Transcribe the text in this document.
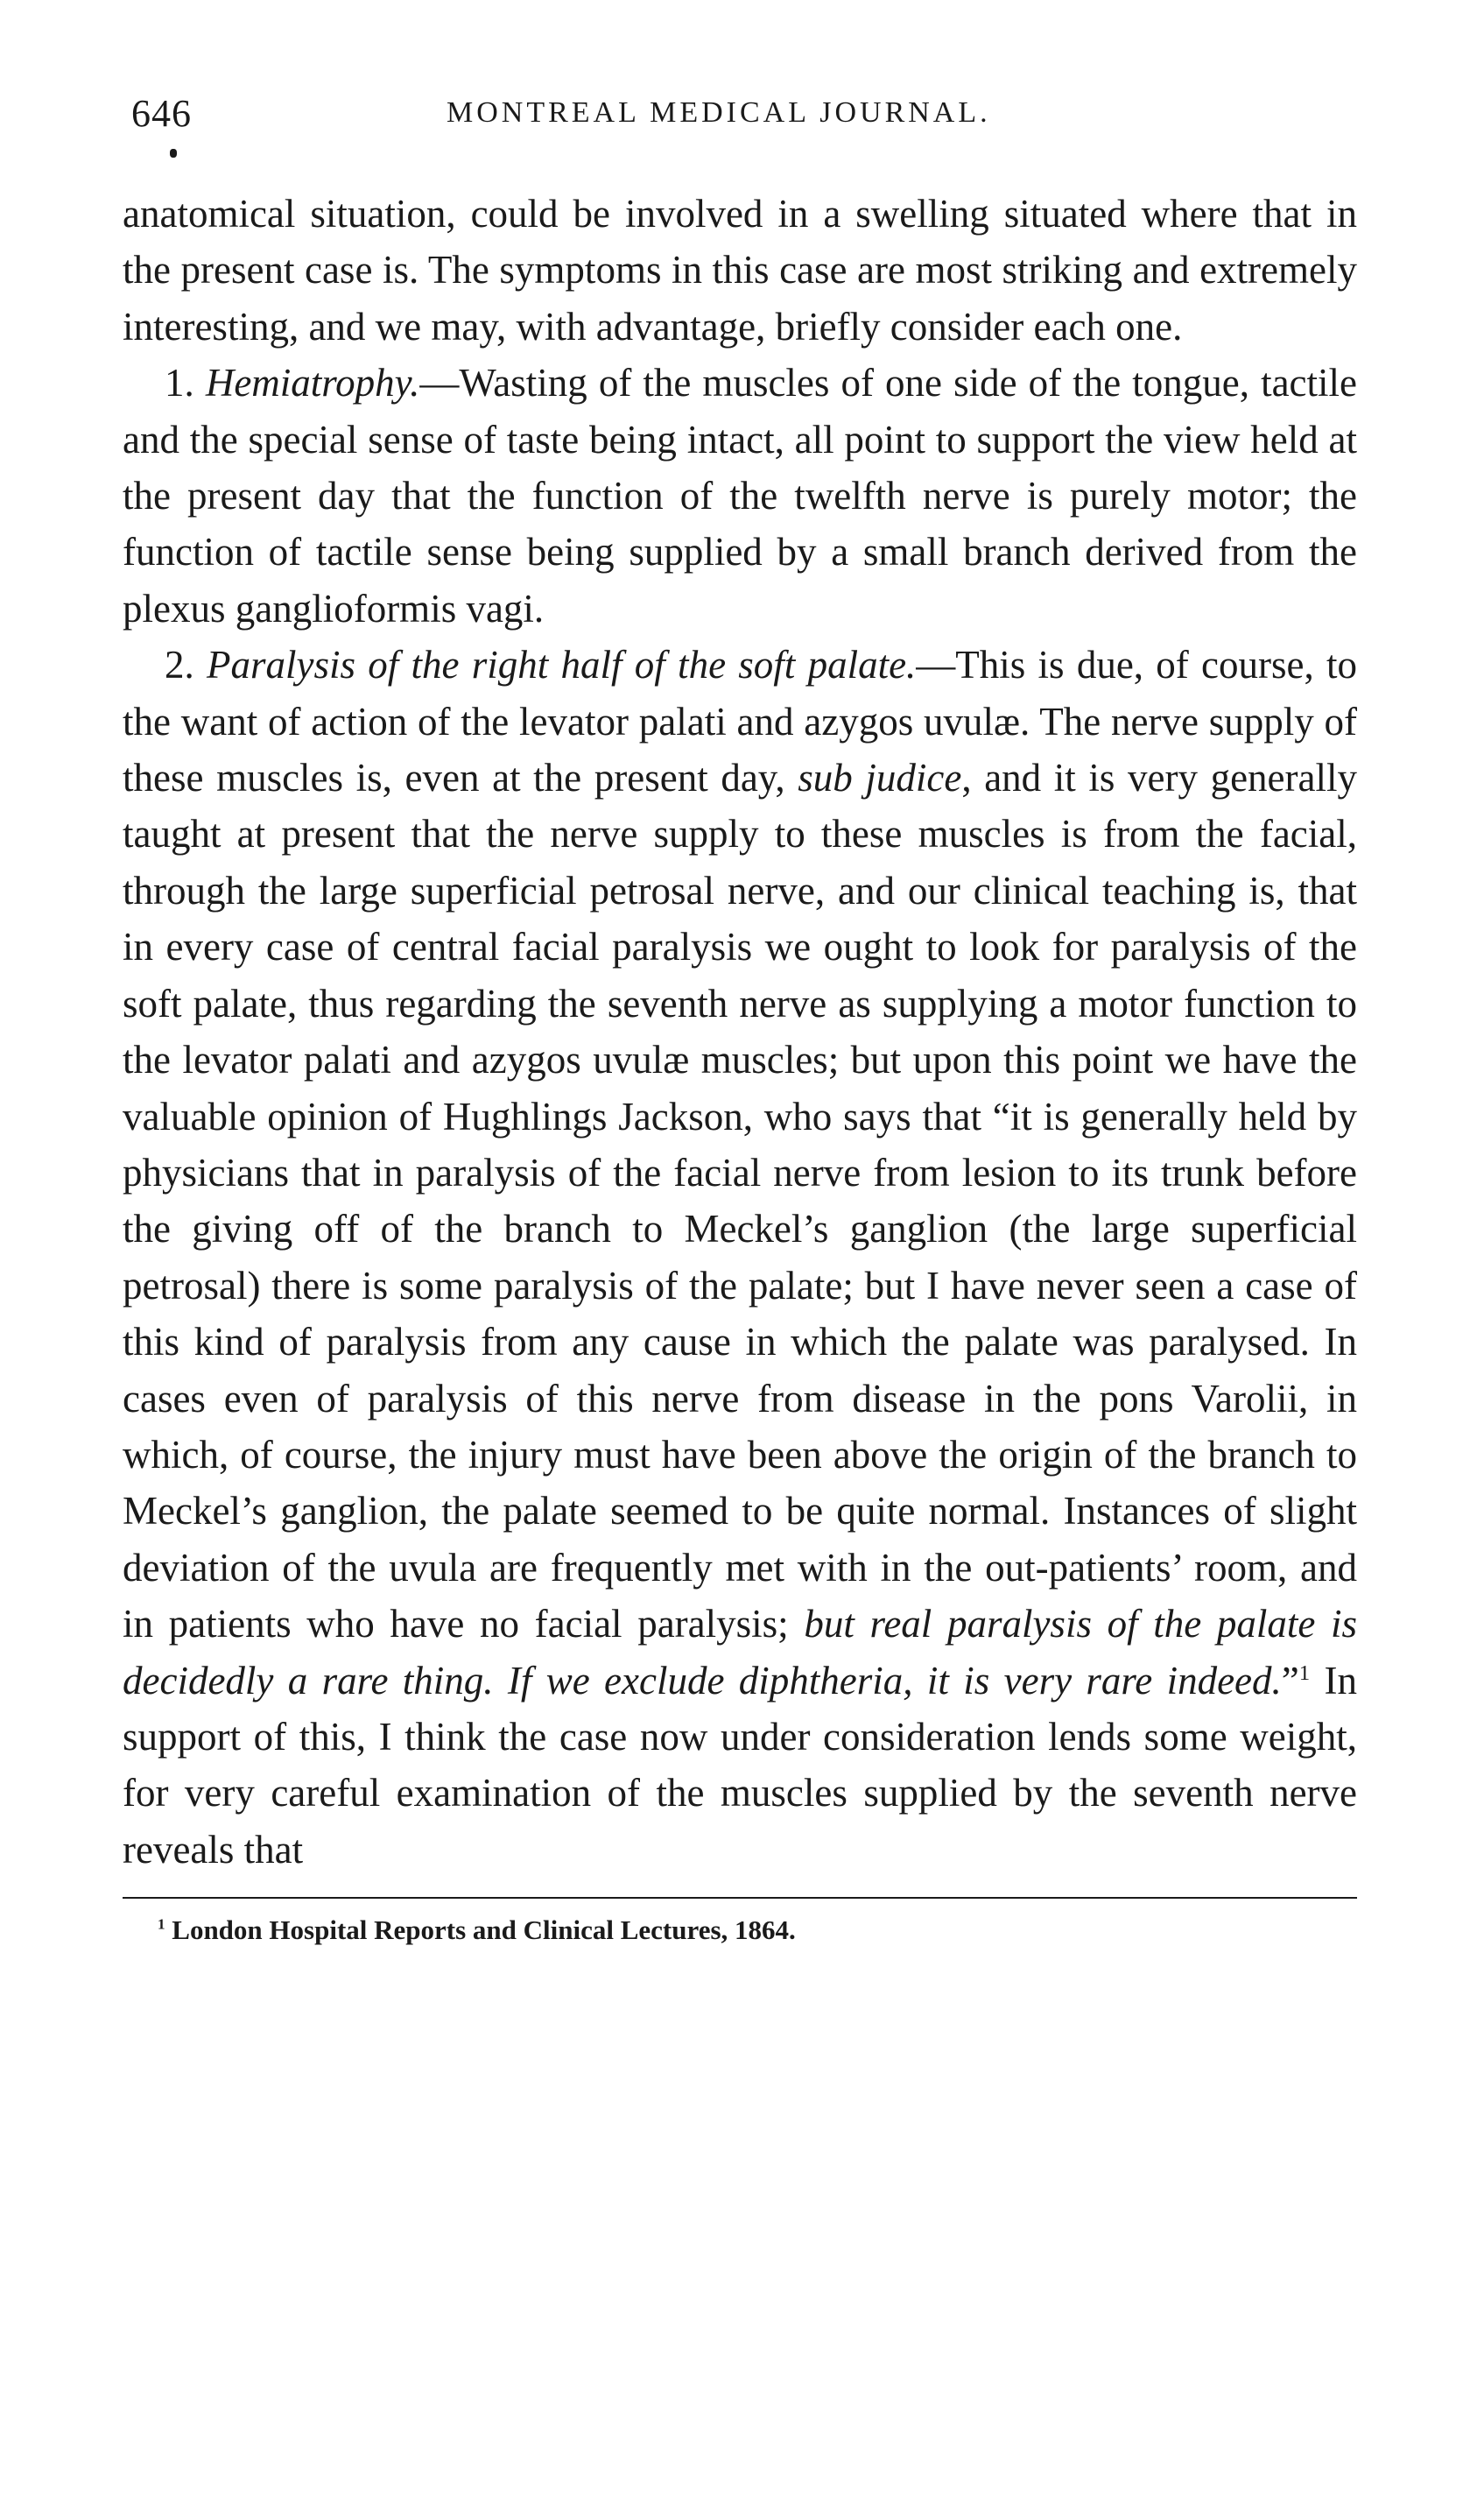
646	MONTREAL MEDICAL JOURNAL.

anatomical situation, could be involved in a swelling situated where that in the present case is. The symptoms in this case are most striking and extremely interesting, and we may, with advantage, briefly consider each one.

1. Hemiatrophy.—Wasting of the muscles of one side of the tongue, tactile and the special sense of taste being intact, all point to support the view held at the present day that the function of the twelfth nerve is purely motor; the function of tactile sense being supplied by a small branch derived from the plexus ganglioformis vagi.

2. Paralysis of the right half of the soft palate.—This is due, of course, to the want of action of the levator palati and azygos uvulæ. The nerve supply of these muscles is, even at the present day, sub judice, and it is very generally taught at present that the nerve supply to these muscles is from the facial, through the large superficial petrosal nerve, and our clinical teaching is, that in every case of central facial paralysis we ought to look for paralysis of the soft palate, thus regarding the seventh nerve as supplying a motor function to the levator palati and azygos uvulæ muscles; but upon this point we have the valuable opinion of Hughlings Jackson, who says that “it is generally held by physicians that in paralysis of the facial nerve from lesion to its trunk before the giving off of the branch to Meckel’s ganglion (the large superficial petrosal) there is some paralysis of the palate; but I have never seen a case of this kind of paralysis from any cause in which the palate was paralysed. In cases even of paralysis of this nerve from disease in the pons Varolii, in which, of course, the injury must have been above the origin of the branch to Meckel’s ganglion, the palate seemed to be quite normal. Instances of slight deviation of the uvula are frequently met with in the out-patients’ room, and in patients who have no facial paralysis; but real paralysis of the palate is decidedly a rare thing. If we exclude diphtheria, it is very rare indeed.”$^1$ In support of this, I think the case now under consideration lends some weight, for very careful examination of the muscles supplied by the seventh nerve reveals that

$^1$ London Hospital Reports and Clinical Lectures, 1864.
